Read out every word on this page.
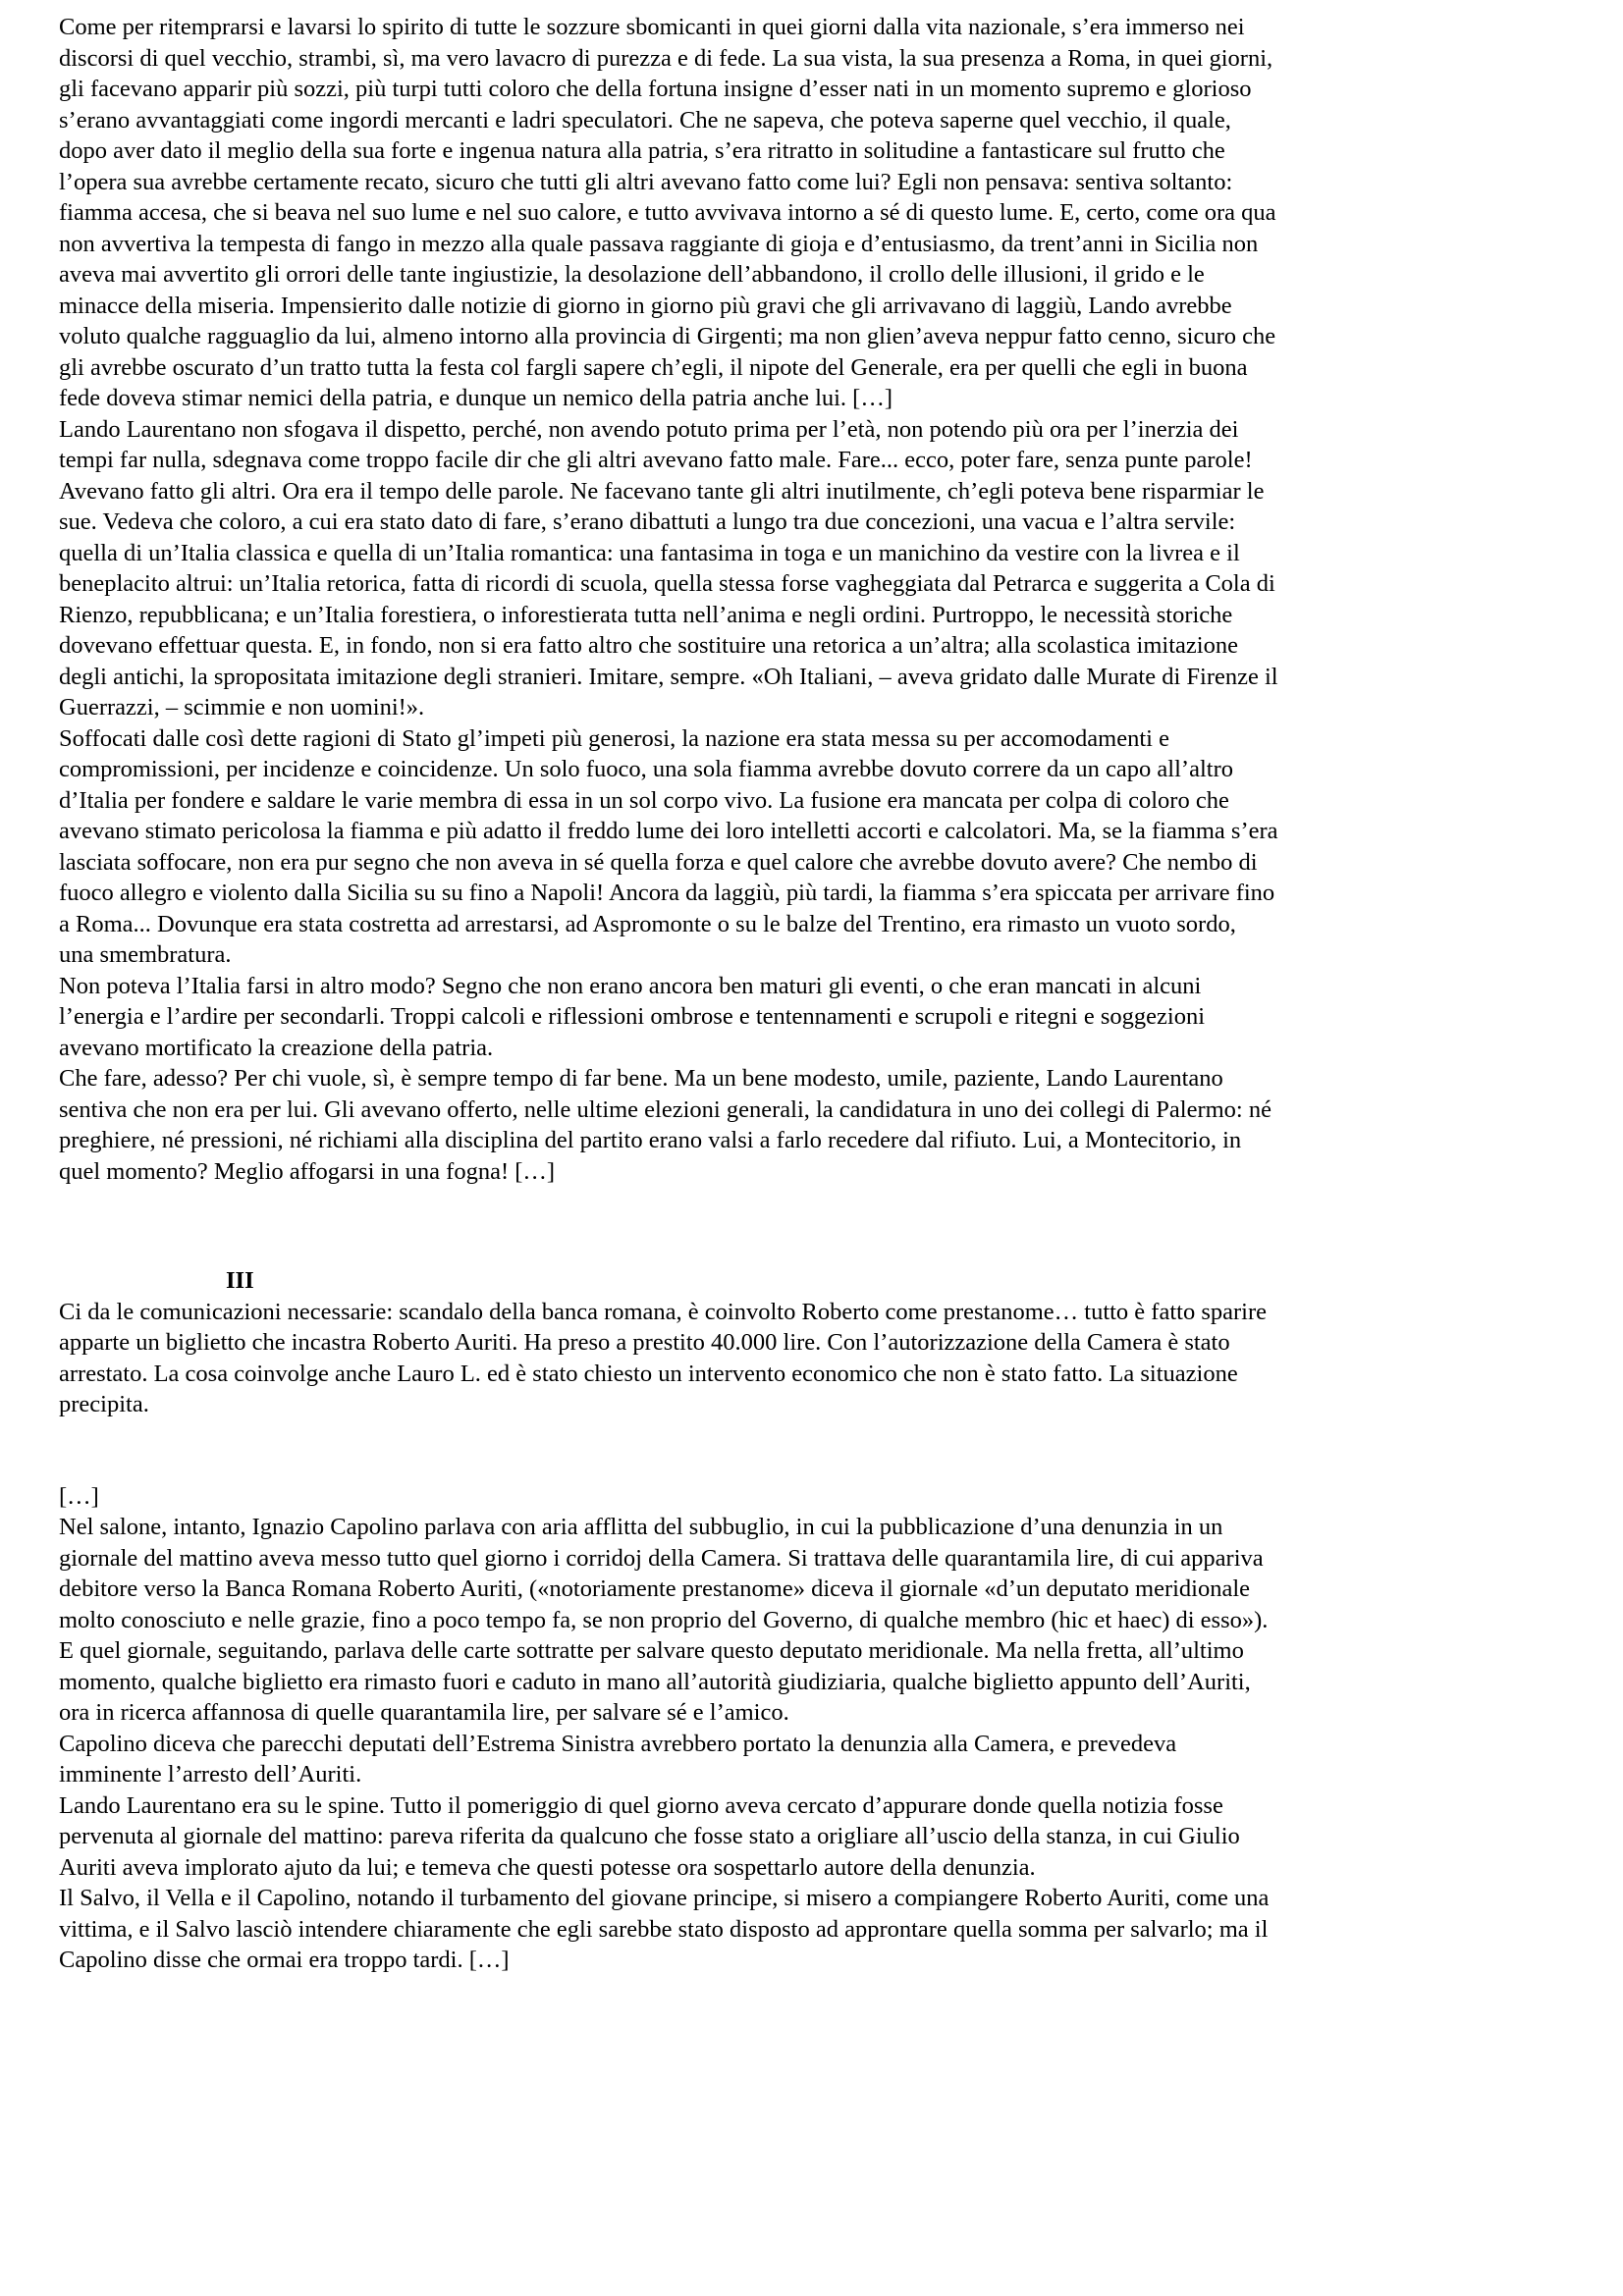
Come per ritemprarsi e lavarsi lo spirito di tutte le sozzure sbomicanti in quei giorni dalla vita nazionale, s’era immerso nei

discorsi di quel vecchio, strambi, sì, ma vero lavacro di purezza e di fede. La sua vista, la sua presenza a Roma, in quei giorni,

gli facevano apparir più sozzi, più turpi tutti coloro che della fortuna insigne d’esser nati in un momento supremo e glorioso

s’erano avvantaggiati come ingordi mercanti e ladri speculatori. Che ne sapeva, che poteva saperne quel vecchio, il quale,

dopo aver dato il meglio della sua forte e ingenua natura alla patria, s’era ritratto in solitudine a fantasticare sul frutto che

l’opera sua avrebbe certamente recato, sicuro che tutti gli altri avevano fatto come lui? Egli non pensava: sentiva soltanto:

fiamma accesa, che si beava nel suo lume e nel suo calore, e tutto avvivava intorno a sé di questo lume. E, certo, come ora qua

non avvertiva la tempesta di fango in mezzo alla quale passava raggiante di gioja e d’entusiasmo, da trent’anni in Sicilia non

aveva mai avvertito gli orrori delle tante ingiustizie, la desolazione dell’abbandono, il crollo delle illusioni, il grido e le

minacce della miseria. Impensierito dalle notizie di giorno in giorno più gravi che gli arrivavano di laggiù, Lando avrebbe

voluto qualche ragguaglio da lui, almeno intorno alla provincia di Girgenti; ma non glien’aveva neppur fatto cenno, sicuro che

gli avrebbe oscurato d’un tratto tutta la festa col fargli sapere ch’egli, il nipote del Generale, era per quelli che egli in buona

fede doveva stimar nemici della patria, e dunque un nemico della patria anche lui. […]

Lando Laurentano non sfogava il dispetto, perché, non avendo potuto prima per l’età, non potendo più ora per l’inerzia dei

tempi far nulla, sdegnava come troppo facile dir che gli altri avevano fatto male. Fare... ecco, poter fare, senza punte parole!

Avevano fatto gli altri. Ora era il tempo delle parole. Ne facevano tante gli altri inutilmente, ch’egli poteva bene risparmiar le

sue. Vedeva che coloro, a cui era stato dato di fare, s’erano dibattuti a lungo tra due concezioni, una vacua e l’altra servile:

quella di un’Italia classica e quella di un’Italia romantica: una fantasima in toga e un manichino da vestire con la livrea e il

beneplacito altrui: un’Italia retorica, fatta di ricordi di scuola, quella stessa forse vagheggiata dal Petrarca e suggerita a Cola di

Rienzo, repubblicana; e un’Italia forestiera, o inforestierata tutta nell’anima e negli ordini. Purtroppo, le necessità storiche

dovevano effettuar questa. E, in fondo, non si era fatto altro che sostituire una retorica a un’altra; alla scolastica imitazione

degli antichi, la spropositata imitazione degli stranieri. Imitare, sempre. «Oh Italiani, – aveva gridato dalle Murate di Firenze il

Guerrazzi, – scimmie e non uomini!».

Soffocati dalle così dette ragioni di Stato gl’impeti più generosi, la nazione era stata messa su per accomodamenti e

compromissioni, per incidenze e coincidenze. Un solo fuoco, una sola fiamma avrebbe dovuto correre da un capo all’altro

d’Italia per fondere e saldare le varie membra di essa in un sol corpo vivo. La fusione era mancata per colpa di coloro che

avevano stimato pericolosa la fiamma e più adatto il freddo lume dei loro intelletti accorti e calcolatori. Ma, se la fiamma s’era

lasciata soffocare, non era pur segno che non aveva in sé quella forza e quel calore che avrebbe dovuto avere? Che nembo di

fuoco allegro e violento dalla Sicilia su su fino a Napoli! Ancora da laggiù, più tardi, la fiamma s’era spiccata per arrivare fino

a Roma... Dovunque era stata costretta ad arrestarsi, ad Aspromonte o su le balze del Trentino, era rimasto un vuoto sordo,

una smembratura.

Non poteva l’Italia farsi in altro modo? Segno che non erano ancora ben maturi gli eventi, o che eran mancati in alcuni

l’energia e l’ardire per secondarli. Troppi calcoli e riflessioni ombrose e tentennamenti e scrupoli e ritegni e soggezioni

avevano mortificato la creazione della patria.

Che fare, adesso? Per chi vuole, sì, è sempre tempo di far bene. Ma un bene modesto, umile, paziente, Lando Laurentano

sentiva che non era per lui. Gli avevano offerto, nelle ultime elezioni generali, la candidatura in uno dei collegi di Palermo: né

preghiere, né pressioni, né richiami alla disciplina del partito erano valsi a farlo recedere dal rifiuto. Lui, a Montecitorio, in

quel momento? Meglio affogarsi in una fogna! […]

III

Ci da le comunicazioni necessarie: scandalo della banca romana, è coinvolto Roberto come prestanome… tutto è fatto sparire

apparte un biglietto che incastra Roberto Auriti. Ha preso a prestito 40.000 lire. Con l’autorizzazione della Camera è stato

arrestato. La cosa coinvolge anche Lauro L. ed è stato chiesto un intervento economico che non è stato fatto. La situazione

precipita.

[…]

Nel salone, intanto, Ignazio Capolino parlava con aria afflitta del subbuglio, in cui la pubblicazione d’una denunzia in un

giornale del mattino aveva messo tutto quel giorno i corridoj della Camera. Si trattava delle quarantamila lire, di cui appariva

debitore verso la Banca Romana Roberto Auriti, («notoriamente prestanome» diceva il giornale «d’un deputato meridionale

molto conosciuto e nelle grazie, fino a poco tempo fa, se non proprio del Governo, di qualche membro (hic et haec) di esso»).

E quel giornale, seguitando, parlava delle carte sottratte per salvare questo deputato meridionale. Ma nella fretta, all’ultimo

momento, qualche biglietto era rimasto fuori e caduto in mano all’autorità giudiziaria, qualche biglietto appunto dell’Auriti,

ora in ricerca affannosa di quelle quarantamila lire, per salvare sé e l’amico.

Capolino diceva che parecchi deputati dell’Estrema Sinistra avrebbero portato la denunzia alla Camera, e prevedeva

imminente l’arresto dell’Auriti.

Lando Laurentano era su le spine. Tutto il pomeriggio di quel giorno aveva cercato d’appurare donde quella notizia fosse

pervenuta al giornale del mattino: pareva riferita da qualcuno che fosse stato a origliare all’uscio della stanza, in cui Giulio

Auriti aveva implorato ajuto da lui; e temeva che questi potesse ora sospettarlo autore della denunzia.

Il Salvo, il Vella e il Capolino, notando il turbamento del giovane principe, si misero a compiangere Roberto Auriti, come una

vittima, e il Salvo lasciò intendere chiaramente che egli sarebbe stato disposto ad approntare quella somma per salvarlo; ma il

Capolino disse che ormai era troppo tardi. […]
